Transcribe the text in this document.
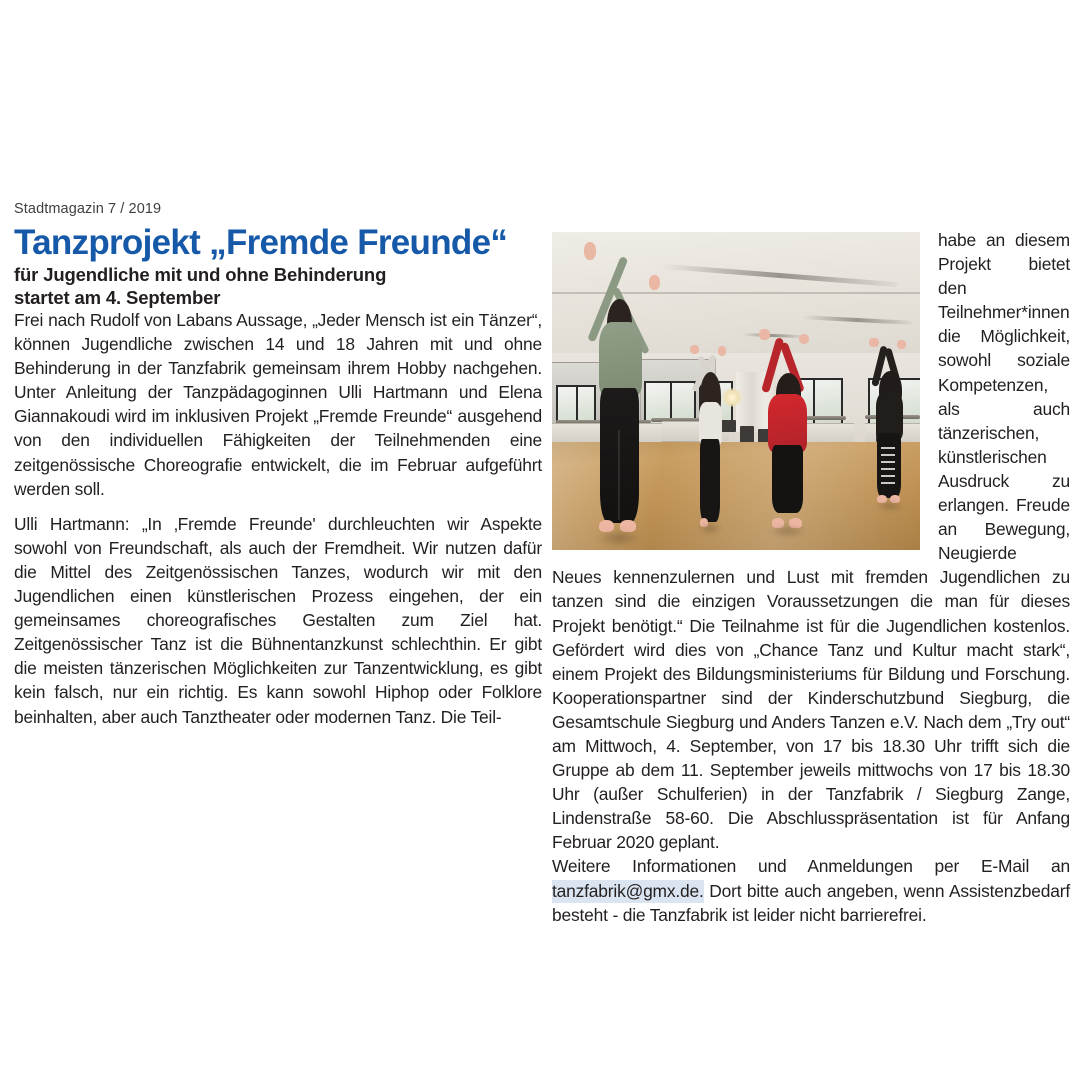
Stadtmagazin 7 / 2019

Tanzprojekt „Fremde Freunde“
für Jugendliche mit und ohne Behinderung
startet am 4. September

Frei nach Rudolf von Labans Aussage, „Jeder Mensch ist ein Tänzer“, können Jugendliche zwischen 14 und 18 Jahren mit und ohne Behinderung in der Tanzfabrik gemeinsam ihrem Hobby nachgehen. Unter Anleitung der Tanzpädagoginnen Ulli Hartmann und Elena Giannakoudi wird im inklusiven Projekt „Fremde Freunde“ ausgehend von den individuellen Fähigkeiten der Teilnehmenden eine zeitgenössische Choreografie entwickelt, die im Februar aufgeführt werden soll.

Ulli Hartmann: „In ‚Fremde Freunde' durchleuchten wir Aspekte sowohl von Freundschaft, als auch der Fremdheit. Wir nutzen dafür die Mittel des Zeitgenössischen Tanzes, wodurch wir mit den Jugendlichen einen künstlerischen Prozess eingehen, der ein gemeinsames choreografisches Gestalten zum Ziel hat. Zeitgenössischer Tanz ist die Bühnentanzkunst schlechthin. Er gibt die meisten tänzerischen Möglichkeiten zur Tanzentwicklung, es gibt kein falsch, nur ein richtig. Es kann sowohl Hiphop oder Folklore beinhalten, aber auch Tanztheater oder modernen Tanz. Die Teil-

habe an diesem Projekt bietet den Teilnehmer*innen die Möglichkeit, sowohl soziale Kompetenzen, als auch tänzerischen, künstlerischen Ausdruck zu erlangen. Freude an Bewegung, Neugierde Neues kennenzulernen und Lust mit fremden Jugendlichen zu tanzen sind die einzigen Voraussetzungen die man für dieses Projekt benötigt.“ Die Teilnahme ist für die Jugendlichen kostenlos. Gefördert wird dies von „Chance Tanz und Kultur macht stark“, einem Projekt des Bildungsministeriums für Bildung und Forschung. Kooperationspartner sind der Kinderschutzbund Siegburg, die Gesamtschule Siegburg und Anders Tanzen e.V. Nach dem „Try out“ am Mittwoch, 4. September, von 17 bis 18.30 Uhr trifft sich die Gruppe ab dem 11. September jeweils mittwochs von 17 bis 18.30 Uhr (außer Schulferien) in der Tanzfabrik / Siegburg Zange, Lindenstraße 58-60. Die Abschlusspräsentation ist für Anfang Februar 2020 geplant.

Weitere Informationen und Anmeldungen per E-Mail an tanzfabrik@gmx.de. Dort bitte auch angeben, wenn Assistenzbedarf besteht - die Tanzfabrik ist leider nicht barrierefrei.
